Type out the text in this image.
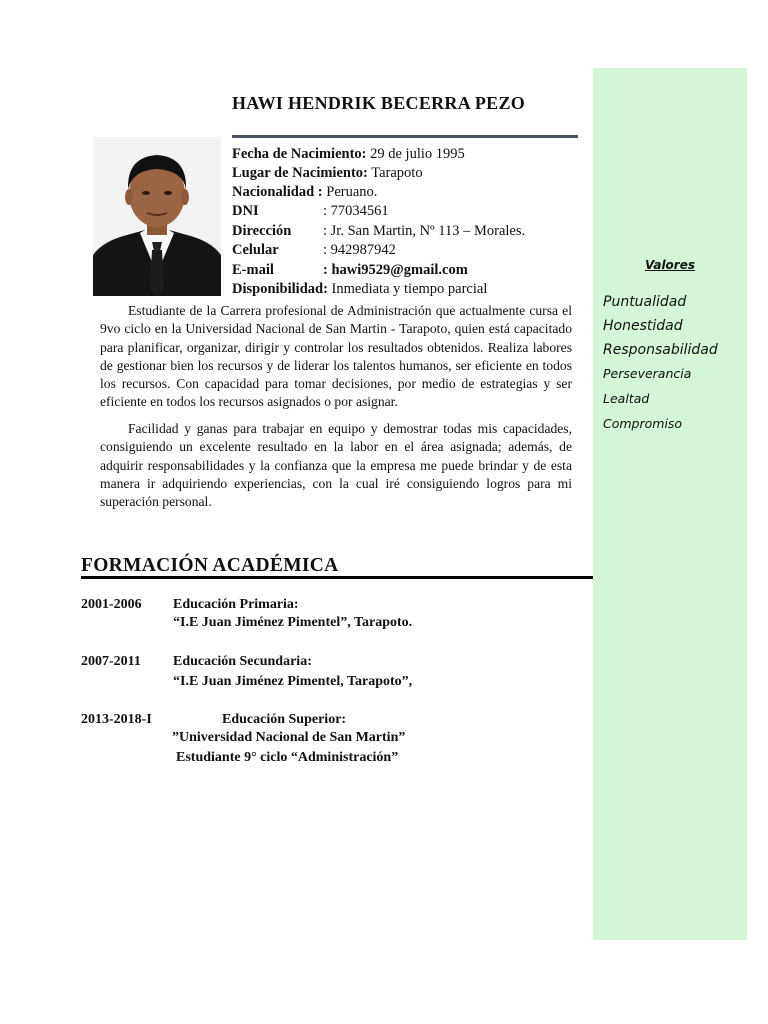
Valores
Puntualidad
Honestidad
Responsabilidad
Perseverancia
Lealtad
Compromiso
HAWI HENDRIK BECERRA PEZO
Fecha de Nacimiento: 29 de julio 1995
Lugar de Nacimiento: Tarapoto
Nacionalidad : Peruano.
DNI	: 77034561
Dirección : Jr. San Martin, Nº 113 – Morales.
Celular	: 942987942
E-mail	: hawi9529@gmail.com
Disponibilidad: Inmediata y tiempo parcial

Estudiante de la Carrera profesional de Administración que actualmente cursa el 9vo ciclo en la Universidad Nacional de San Martin - Tarapoto, quien está capacitado para planificar, organizar, dirigir y controlar los resultados obtenidos. Realiza labores de gestionar bien los recursos y de liderar los talentos humanos, ser eficiente en todos los recursos. Con capacidad para tomar decisiones, por medio de estrategias y ser eficiente en todos los recursos asignados o por asignar.

Facilidad y ganas para trabajar en equipo y demostrar todas mis capacidades, consiguiendo un excelente resultado en la labor en el área asignada; además, de adquirir responsabilidades y la confianza que la empresa me puede brindar y de esta manera ir adquiriendo experiencias, con la cual iré consiguiendo logros para mi superación personal.

FORMACIÓN ACADÉMICA
2001-2006 Educación Primaria:
“I.E Juan Jiménez Pimentel”, Tarapoto.
2007-2011 Educación Secundaria:
“I.E Juan Jiménez Pimentel, Tarapoto”,
2013-2018-I	Educación Superior:
”Universidad Nacional de San Martin”
Estudiante 9° ciclo “Administración”
